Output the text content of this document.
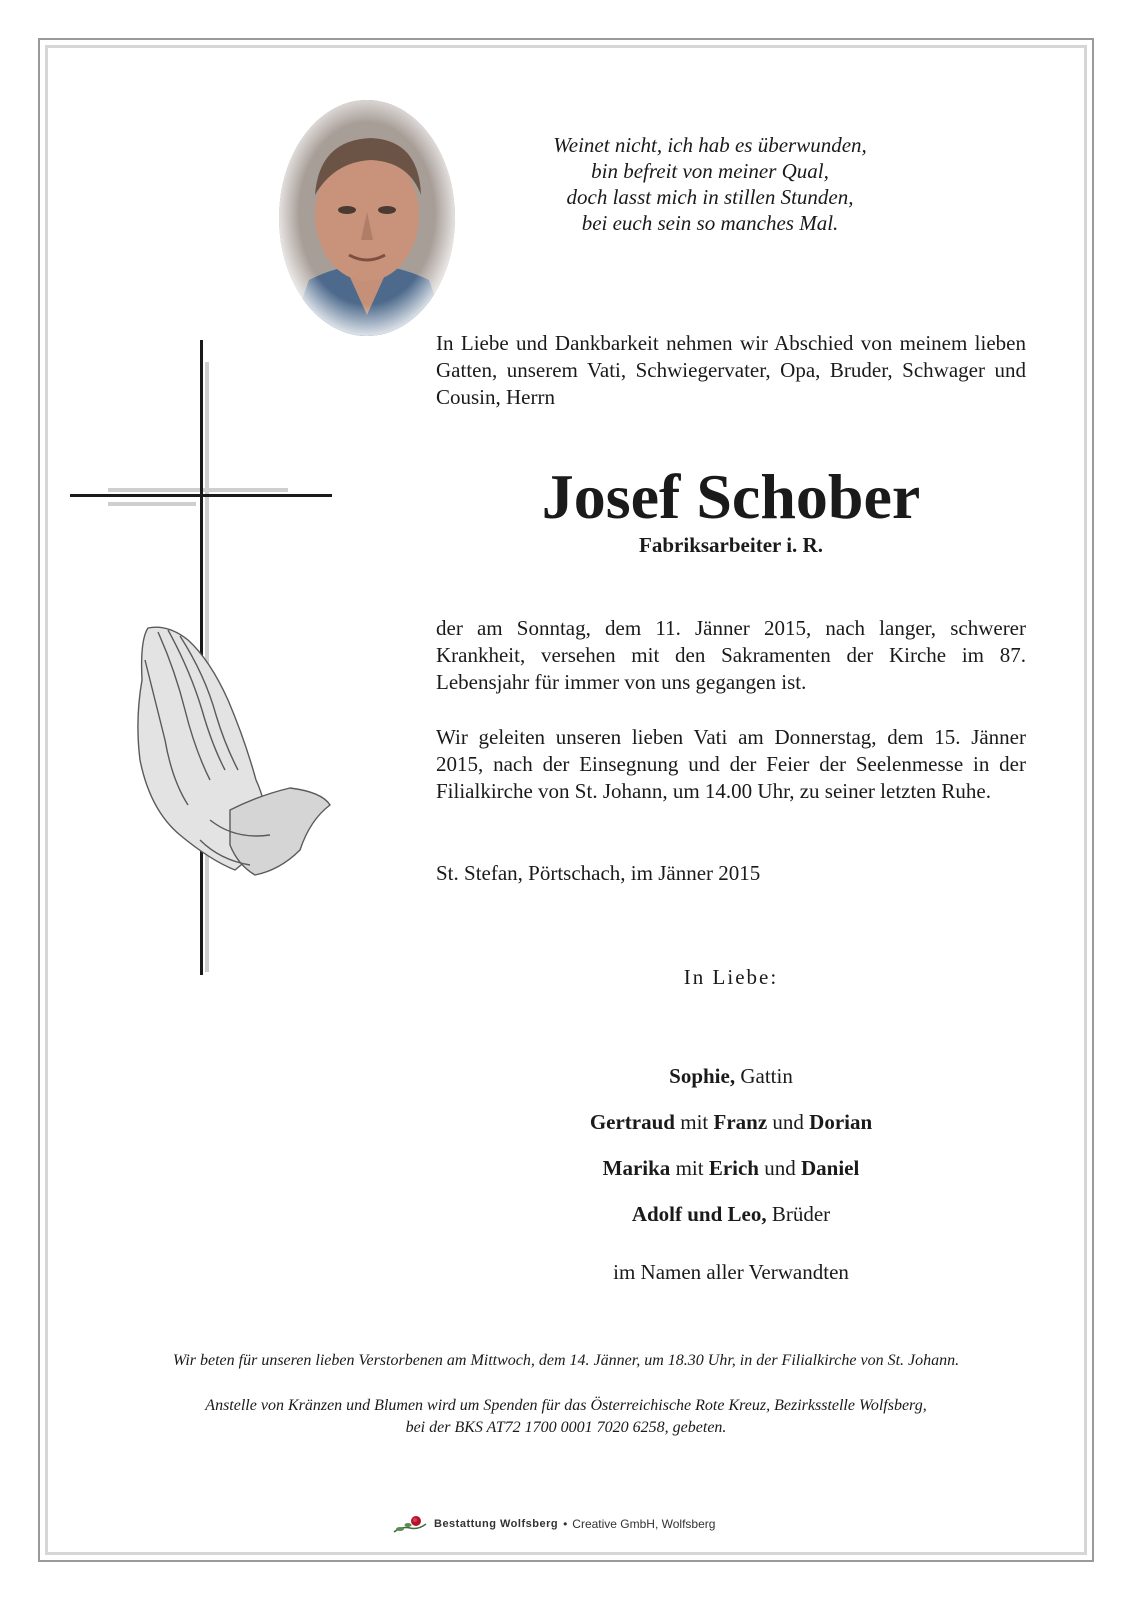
Weinet nicht, ich hab es überwunden,
bin befreit von meiner Qual,
doch lasst mich in stillen Stunden,
bei euch sein so manches Mal.
In Liebe und Dankbarkeit nehmen wir Abschied von meinem lieben Gatten, unserem Vati, Schwiegervater, Opa, Bruder, Schwager und Cousin, Herrn
Josef Schober
Fabriksarbeiter i. R.
der am Sonntag, dem 11. Jänner 2015, nach langer, schwerer Krankheit, versehen mit den Sakramenten der Kirche im 87. Lebensjahr für immer von uns gegangen ist.
Wir geleiten unseren lieben Vati am Donnerstag, dem 15. Jänner 2015, nach der Einsegnung und der Feier der Seelenmesse in der Filialkirche von St. Johann, um 14.00 Uhr, zu seiner letzten Ruhe.
St. Stefan, Pörtschach, im Jänner 2015
In Liebe:
Sophie, Gattin
Gertraud mit Franz und Dorian
Marika mit Erich und Daniel
Adolf und Leo, Brüder
im Namen aller Verwandten
Wir beten für unseren lieben Verstorbenen am Mittwoch, dem 14. Jänner, um 18.30 Uhr, in der Filialkirche von St. Johann.
Anstelle von Kränzen und Blumen wird um Spenden für das Österreichische Rote Kreuz, Bezirksstelle Wolfsberg,
bei der BKS AT72 1700 0001 7020 6258, gebeten.
Bestattung Wolfsberg • Creative GmbH, Wolfsberg
